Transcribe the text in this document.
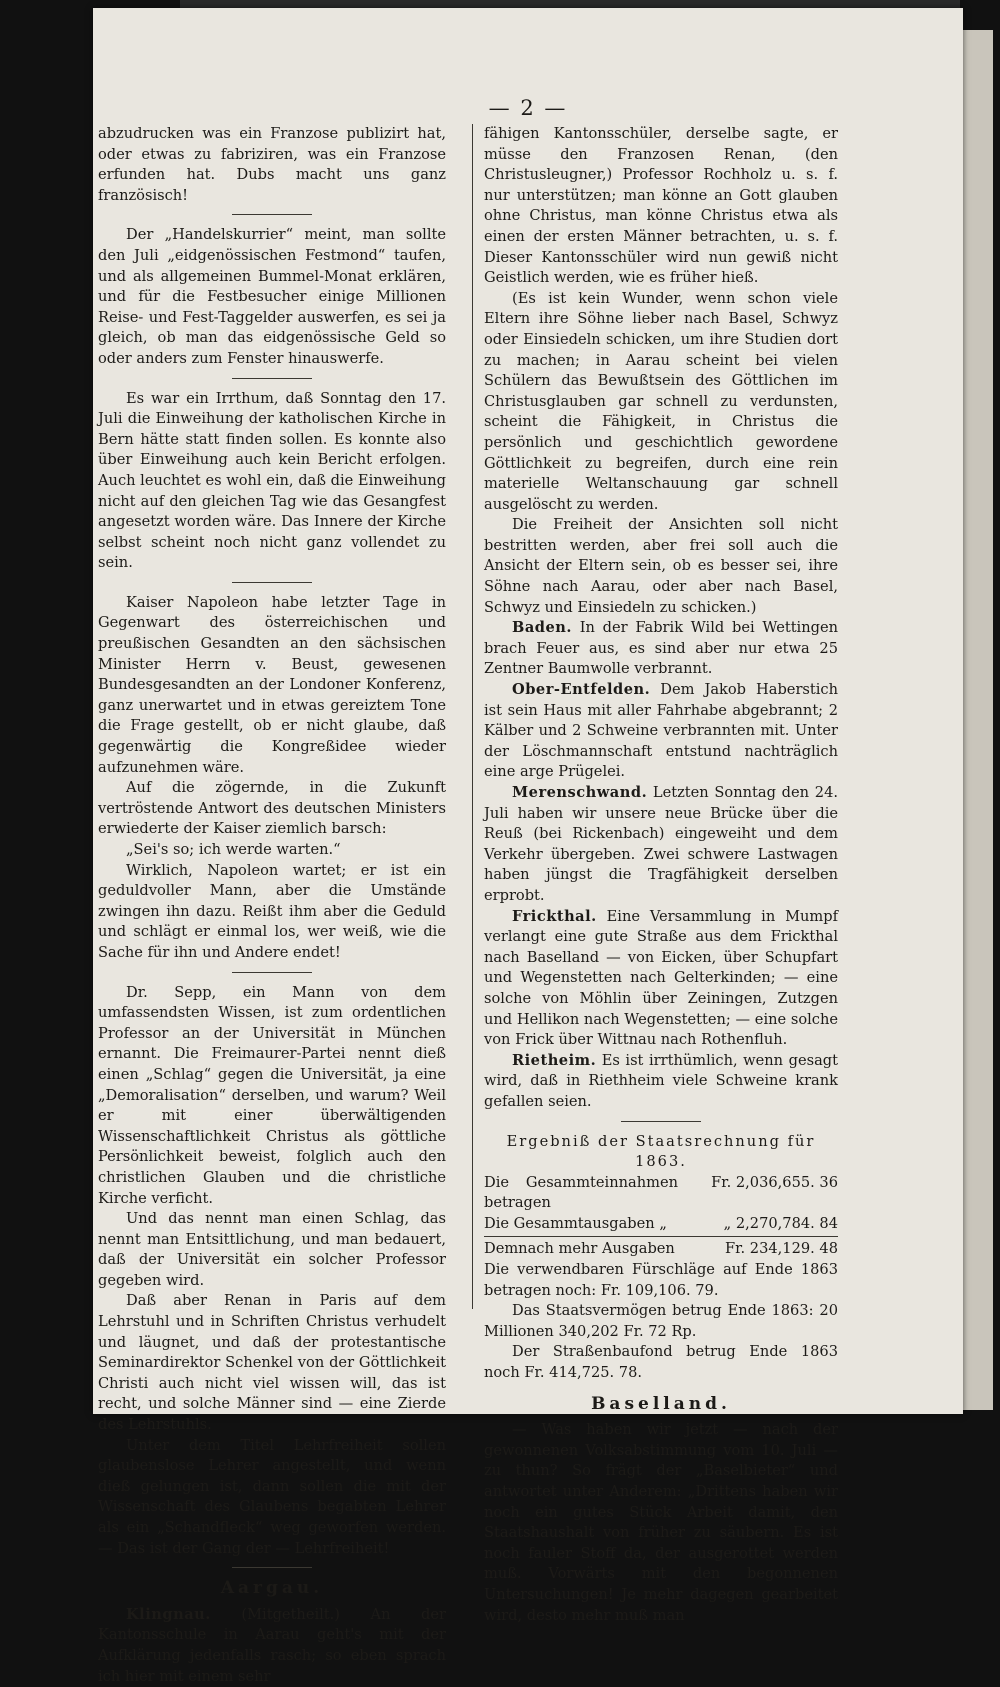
— 2 —

abzudrucken was ein Franzose publizirt hat, oder etwas zu fabriziren, was ein Franzose erfunden hat. Dubs macht uns ganz französisch!

Der „Handelskurrier“ meint, man sollte den Juli „eidgenössischen Festmond“ taufen, und als allgemeinen Bummel-Monat erklären, und für die Festbesucher einige Millionen Reise- und Fest-Taggelder auswerfen, es sei ja gleich, ob man das eidgenössische Geld so oder anders zum Fenster hinauswerfe.

Es war ein Irrthum, daß Sonntag den 17. Juli die Einweihung der katholischen Kirche in Bern hätte statt finden sollen. Es konnte also über Einweihung auch kein Bericht erfolgen. Auch leuchtet es wohl ein, daß die Einweihung nicht auf den gleichen Tag wie das Gesangfest angesetzt worden wäre. Das Innere der Kirche selbst scheint noch nicht ganz vollendet zu sein.

Kaiser Napoleon habe letzter Tage in Gegenwart des österreichischen und preußischen Gesandten an den sächsischen Minister Herrn v. Beust, gewesenen Bundesgesandten an der Londoner Konferenz, ganz unerwartet und in etwas gereiztem Tone die Frage gestellt, ob er nicht glaube, daß gegenwärtig die Kongreßidee wieder aufzunehmen wäre.

Auf die zögernde, in die Zukunft vertröstende Antwort des deutschen Ministers erwiederte der Kaiser ziemlich barsch:

„Sei's so; ich werde warten.“

Wirklich, Napoleon wartet; er ist ein geduldvoller Mann, aber die Umstände zwingen ihn dazu. Reißt ihm aber die Geduld und schlägt er einmal los, wer weiß, wie die Sache für ihn und Andere endet!

Dr. Sepp, ein Mann von dem umfassendsten Wissen, ist zum ordentlichen Professor an der Universität in München ernannt. Die Freimaurer-Partei nennt dieß einen „Schlag“ gegen die Universität, ja eine „Demoralisation“ derselben, und warum? Weil er mit einer überwältigenden Wissenschaftlichkeit Christus als göttliche Persönlichkeit beweist, folglich auch den christlichen Glauben und die christliche Kirche verficht.

Und das nennt man einen Schlag, das nennt man Entsittlichung, und man bedauert, daß der Universität ein solcher Professor gegeben wird.

Daß aber Renan in Paris auf dem Lehrstuhl und in Schriften Christus verhudelt und läugnet, und daß der protestantische Seminardirektor Schenkel von der Göttlichkeit Christi auch nicht viel wissen will, das ist recht, und solche Männer sind — eine Zierde des Lehrstuhls.

Unter dem Titel Lehrfreiheit sollen glaubenslose Lehrer angestellt, und wenn dieß gelungen ist, dann sollen die mit der Wissenschaft des Glaubens begabten Lehrer als ein „Schandfleck“ weg geworfen werden. — Das ist der Gang der — Lehrfreiheit!

Aargau.

Klingnau. (Mitgetheilt.) An der Kantonsschule in Aarau geht's mit der Aufklärung jedenfalls rasch; so eben sprach ich hier mit einem sehr

fähigen Kantonsschüler, derselbe sagte, er müsse den Franzosen Renan, (den Christusleugner,) Professor Rochholz u. s. f. nur unterstützen; man könne an Gott glauben ohne Christus, man könne Christus etwa als einen der ersten Männer betrachten, u. s. f. Dieser Kantonsschüler wird nun gewiß nicht Geistlich werden, wie es früher hieß.

(Es ist kein Wunder, wenn schon viele Eltern ihre Söhne lieber nach Basel, Schwyz oder Einsiedeln schicken, um ihre Studien dort zu machen; in Aarau scheint bei vielen Schülern das Bewußtsein des Göttlichen im Christusglauben gar schnell zu verdunsten, scheint die Fähigkeit, in Christus die persönlich und geschichtlich gewordene Göttlichkeit zu begreifen, durch eine rein materielle Weltanschauung gar schnell ausgelöscht zu werden.

Die Freiheit der Ansichten soll nicht bestritten werden, aber frei soll auch die Ansicht der Eltern sein, ob es besser sei, ihre Söhne nach Aarau, oder aber nach Basel, Schwyz und Einsiedeln zu schicken.)

Baden. In der Fabrik Wild bei Wettingen brach Feuer aus, es sind aber nur etwa 25 Zentner Baumwolle verbrannt.

Ober-Entfelden. Dem Jakob Haberstich ist sein Haus mit aller Fahrhabe abgebrannt; 2 Kälber und 2 Schweine verbrannten mit. Unter der Löschmannschaft entstund nachträglich eine arge Prügelei.

Merenschwand. Letzten Sonntag den 24. Juli haben wir unsere neue Brücke über die Reuß (bei Rickenbach) eingeweiht und dem Verkehr übergeben. Zwei schwere Lastwagen haben jüngst die Tragfähigkeit derselben erprobt.

Frickthal. Eine Versammlung in Mumpf verlangt eine gute Straße aus dem Frickthal nach Baselland — von Eicken, über Schupfart und Wegenstetten nach Gelterkinden; — eine solche von Möhlin über Zeiningen, Zutzgen und Hellikon nach Wegenstetten; — eine solche von Frick über Wittnau nach Rothenfluh.

Rietheim. Es ist irrthümlich, wenn gesagt wird, daß in Riethheim viele Schweine krank gefallen seien.

Ergebniß der Staatsrechnung für 1863.

Die Gesammteinnahmen betragen
Fr. 2,036,655. 36
Die Gesammtausgaben „	„ 2,270,784. 84
Demnach mehr Ausgaben	Fr. 234,129. 48

Die verwendbaren Fürschläge auf Ende 1863 betragen noch: Fr. 109,106. 79.

Das Staatsvermögen betrug Ende 1863: 20 Millionen 340,202 Fr. 72 Rp.

Der Straßenbaufond betrug Ende 1863 noch Fr. 414,725. 78.

Baselland.

— Was haben wir jetzt — nach der gewonnenen Volksabstimmung vom 10. Juli — zu thun? So frägt der „Baselbieter“ und antwortet unter Anderem: „Drittens haben wir noch ein gutes Stück Arbeit damit, den Staatshaushalt von früher zu säubern. Es ist noch fauler Stoff da, der ausgerottet werden muß. Vorwärts mit den begonnenen Untersuchungen! Je mehr dagegen gearbeitet wird, desto mehr muß man
